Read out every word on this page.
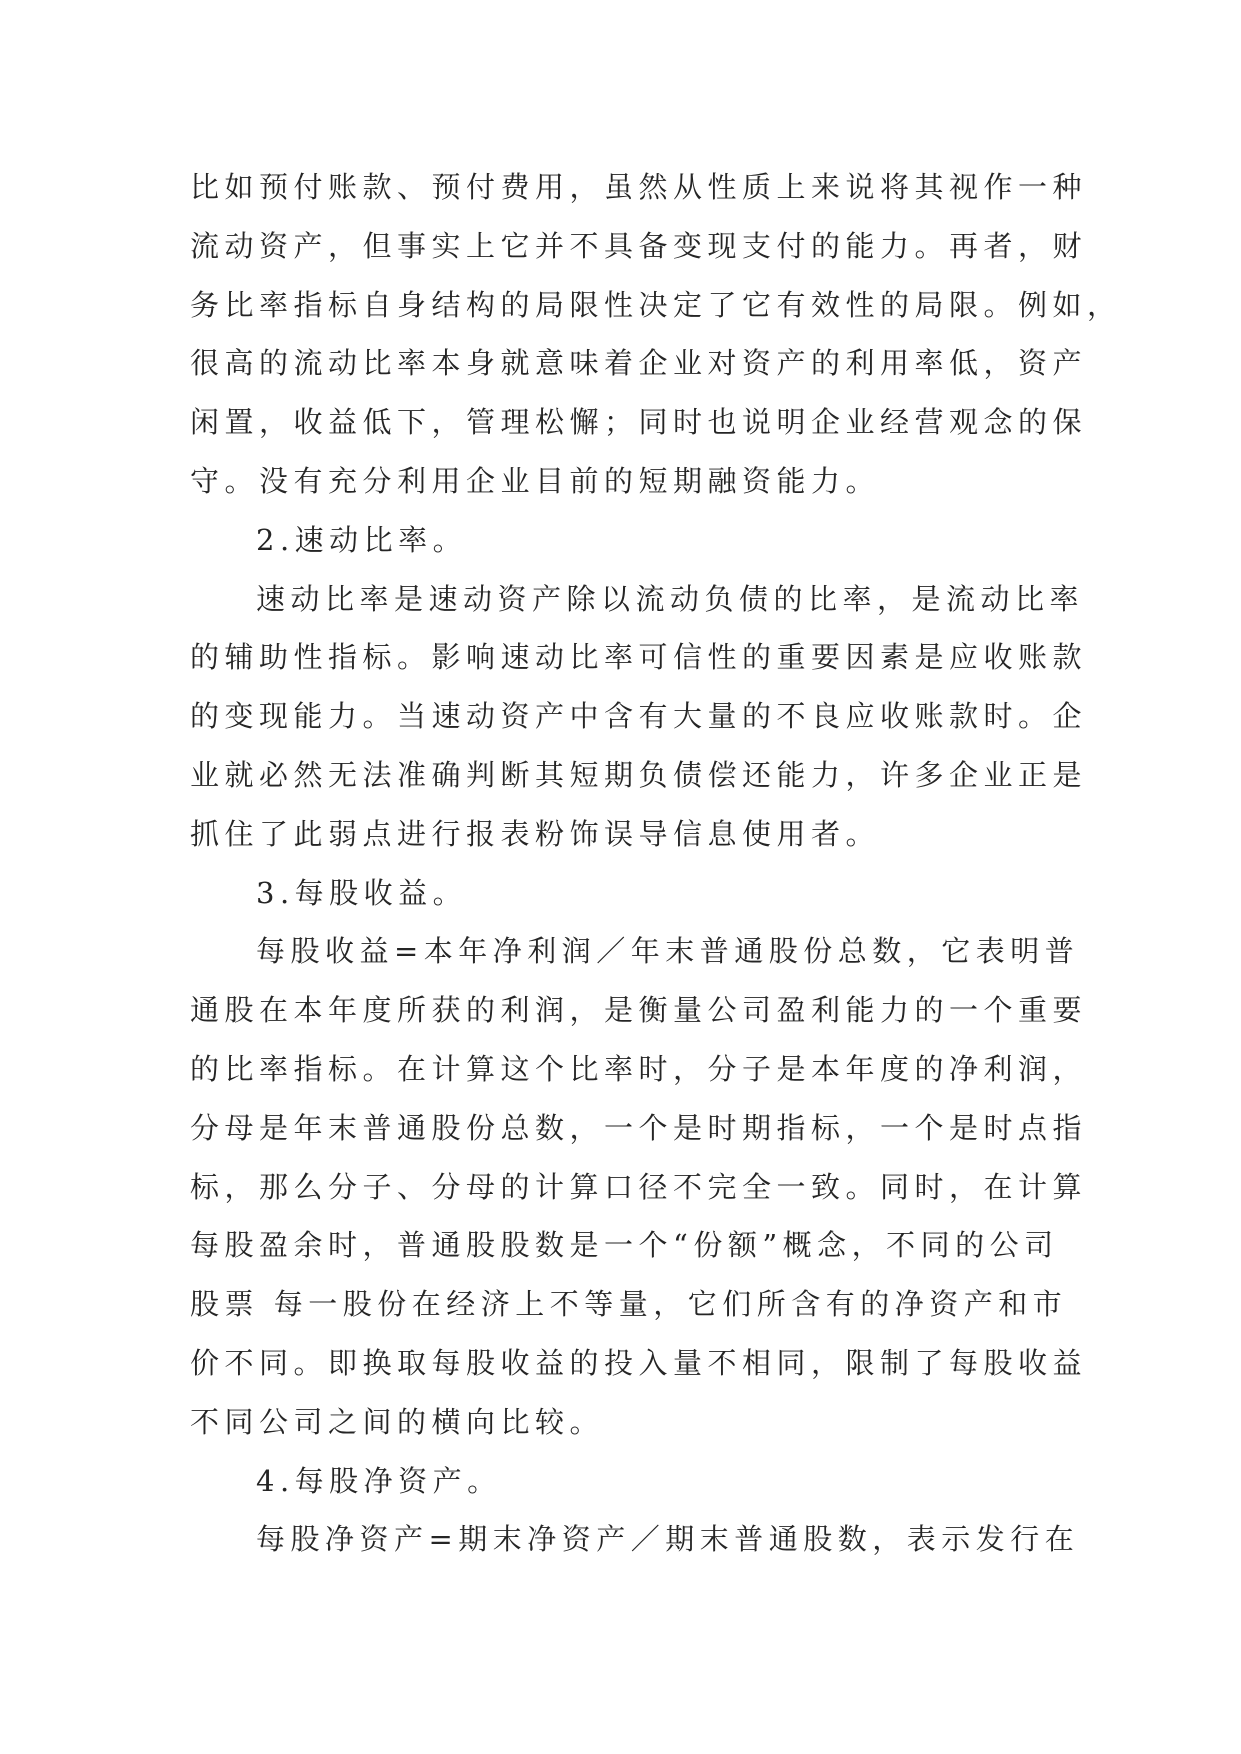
比如预付账款、预付费用，虽然从性质上来说将其视作一种
流动资产，但事实上它并不具备变现支付的能力。再者，财
务比率指标自身结构的局限性决定了它有效性的局限。例如，
很高的流动比率本身就意味着企业对资产的利用率低，资产
闲置，收益低下，管理松懈；同时也说明企业经营观念的保
守。没有充分利用企业目前的短期融资能力。
2.速动比率。
速动比率是速动资产除以流动负债的比率，是流动比率
的辅助性指标。影响速动比率可信性的重要因素是应收账款
的变现能力。当速动资产中含有大量的不良应收账款时。企
业就必然无法准确判断其短期负债偿还能力，许多企业正是
抓住了此弱点进行报表粉饰误导信息使用者。
3.每股收益。
每股收益=本年净利润／年末普通股份总数，它表明普
通股在本年度所获的利润，是衡量公司盈利能力的一个重要
的比率指标。在计算这个比率时，分子是本年度的净利润，
分母是年末普通股份总数，一个是时期指标，一个是时点指
标，那么分子、分母的计算口径不完全一致。同时，在计算
每股盈余时，普通股股数是一个“份额”概念，不同的公司
股票 每一股份在经济上不等量，它们所含有的净资产和市
价不同。即换取每股收益的投入量不相同，限制了每股收益
不同公司之间的横向比较。
4.每股净资产。
每股净资产=期末净资产／期末普通股数，表示发行在
